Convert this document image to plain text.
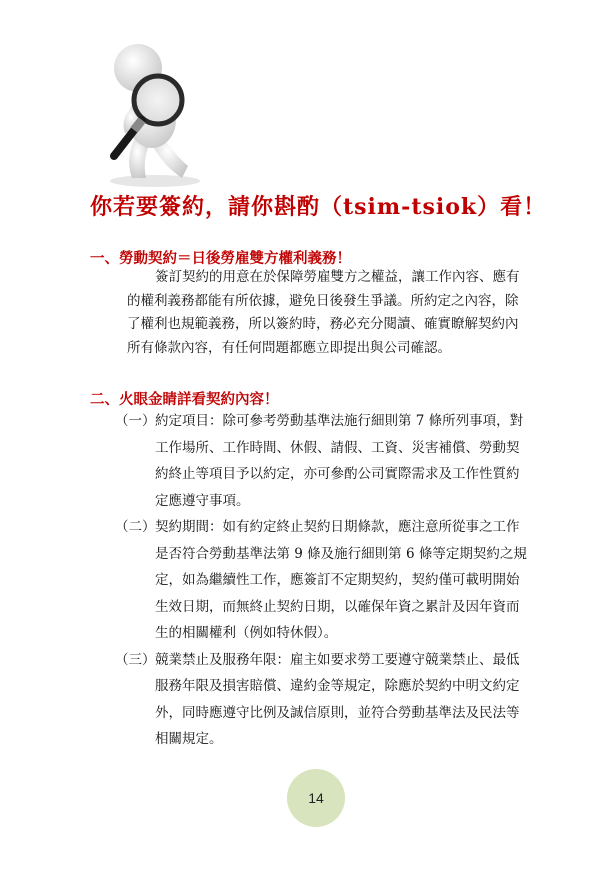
你若要簽約，請你斟酌（tsim-tsiok）看！
一、勞動契約＝日後勞雇雙方權利義務！

簽訂契約的用意在於保障勞雇雙方之權益，讓工作內容、應有

的權利義務都能有所依據，避免日後發生爭議。所約定之內容，除

了權利也規範義務，所以簽約時，務必充分閱讀、確實瞭解契約內

所有條款內容，有任何問題都應立即提出與公司確認。

二、火眼金睛詳看契約內容！
（一） 約定項目：除可參考勞動基準法施行細則第 7 條所列事項，對

工作場所、工作時間、休假、請假、工資、災害補償、勞動契

約終止等項目予以約定，亦可參酌公司實際需求及工作性質約

定應遵守事項。

（二） 契約期間：如有約定終止契約日期條款，應注意所從事之工作

是否符合勞動基準法第 9 條及施行細則第 6 條等定期契約之規

定，如為繼續性工作，應簽訂不定期契約，契約僅可載明開始

生效日期，而無終止契約日期，以確保年資之累計及因年資而

生的相關權利（例如特休假）。

（三） 競業禁止及服務年限：雇主如要求勞工要遵守競業禁止、最低

服務年限及損害賠償、違約金等規定，除應於契約中明文約定

外，同時應遵守比例及誠信原則，並符合勞動基準法及民法等

相關規定。

14
